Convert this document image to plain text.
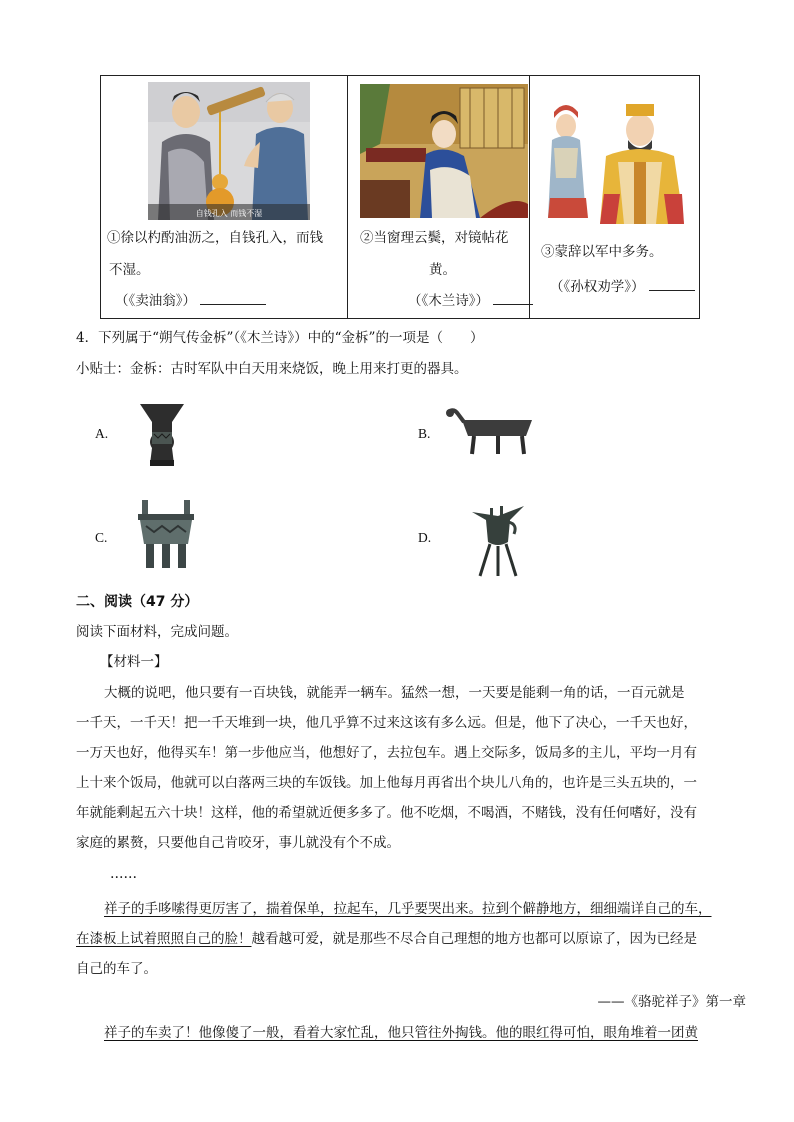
自钱孔入 而钱不湿
①徐以杓酌油沥之，自钱孔入，而钱
不湿。
（《卖油翁》）
②当窗理云鬓，对镜帖花
黄。
（《木兰诗》）
③蒙辞以军中多务。
（《孙权劝学》）
4．下列属于“朔气传金柝”（《木兰诗》）中的“金柝”的一项是（　　）
小贴士：金柝：古时军队中白天用来烧饭，晚上用来打更的器具。
A.	B.
C.	D.
二、阅读（47 分）
阅读下面材料，完成问题。
【材料一】
大概的说吧，他只要有一百块钱，就能弄一辆车。猛然一想，一天要是能剩一角的话，一百元就是
一千天，一千天！把一千天堆到一块，他几乎算不过来这该有多么远。但是，他下了决心，一千天也好，
一万天也好，他得买车！第一步他应当，他想好了，去拉包车。遇上交际多，饭局多的主儿，平均一月有
上十来个饭局，他就可以白落两三块的车饭钱。加上他每月再省出个块儿八角的，也许是三头五块的，一
年就能剩起五六十块！这样，他的希望就近便多多了。他不吃烟，不喝酒，不赌钱，没有任何嗜好，没有
家庭的累赘，只要他自己肯咬牙，事儿就没有个不成。
……
祥子的手哆嗦得更厉害了，揣着保单，拉起车，几乎要哭出来。拉到个僻静地方，细细端详自己的车，
在漆板上试着照照自己的脸！越看越可爱，就是那些不尽合自己理想的地方也都可以原谅了，因为已经是
自己的车了。
——《骆驼祥子》第一章
祥子的车卖了！他像傻了一般，看着大家忙乱，他只管往外掏钱。他的眼红得可怕，眼角堆着一团黄
